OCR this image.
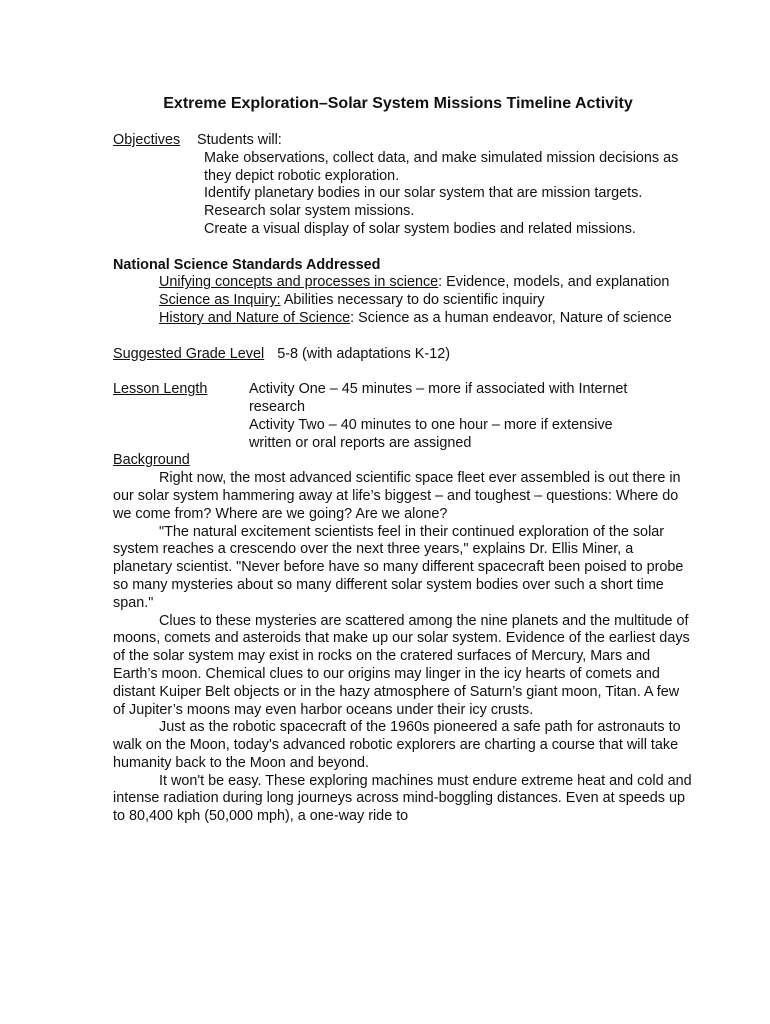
Extreme Exploration–Solar System Missions Timeline Activity
Objectives Students will:

Make observations, collect data, and make simulated mission decisions as they depict robotic exploration.

Identify planetary bodies in our solar system that are mission targets.

Research solar system missions.

Create a visual display of solar system bodies and related missions.

National Science Standards Addressed

Unifying concepts and processes in science: Evidence, models, and explanation

Science as Inquiry: Abilities necessary to do scientific inquiry

History and Nature of Science: Science as a human endeavor, Nature of science

Suggested Grade Level 5-8 (with adaptations K-12)

Lesson Length	Activity One – 45 minutes – more if associated with Internet research

Activity Two – 40 minutes to one hour – more if extensive written or oral reports are assigned

Background

Right now, the most advanced scientific space fleet ever assembled is out there in our solar system hammering away at life’s biggest – and toughest – questions: Where do we come from? Where are we going? Are we alone?

"The natural excitement scientists feel in their continued exploration of the solar system reaches a crescendo over the next three years," explains Dr. Ellis Miner, a planetary scientist. "Never before have so many different spacecraft been poised to probe so many mysteries about so many different solar system bodies over such a short time span."

Clues to these mysteries are scattered among the nine planets and the multitude of moons, comets and asteroids that make up our solar system. Evidence of the earliest days of the solar system may exist in rocks on the cratered surfaces of Mercury, Mars and Earth’s moon. Chemical clues to our origins may linger in the icy hearts of comets and distant Kuiper Belt objects or in the hazy atmosphere of Saturn’s giant moon, Titan. A few of Jupiter’s moons may even harbor oceans under their icy crusts.

Just as the robotic spacecraft of the 1960s pioneered a safe path for astronauts to walk on the Moon, today's advanced robotic explorers are charting a course that will take humanity back to the Moon and beyond.

It won't be easy. These exploring machines must endure extreme heat and cold and intense radiation during long journeys across mind-boggling distances. Even at speeds up to 80,400 kph (50,000 mph), a one-way ride to
